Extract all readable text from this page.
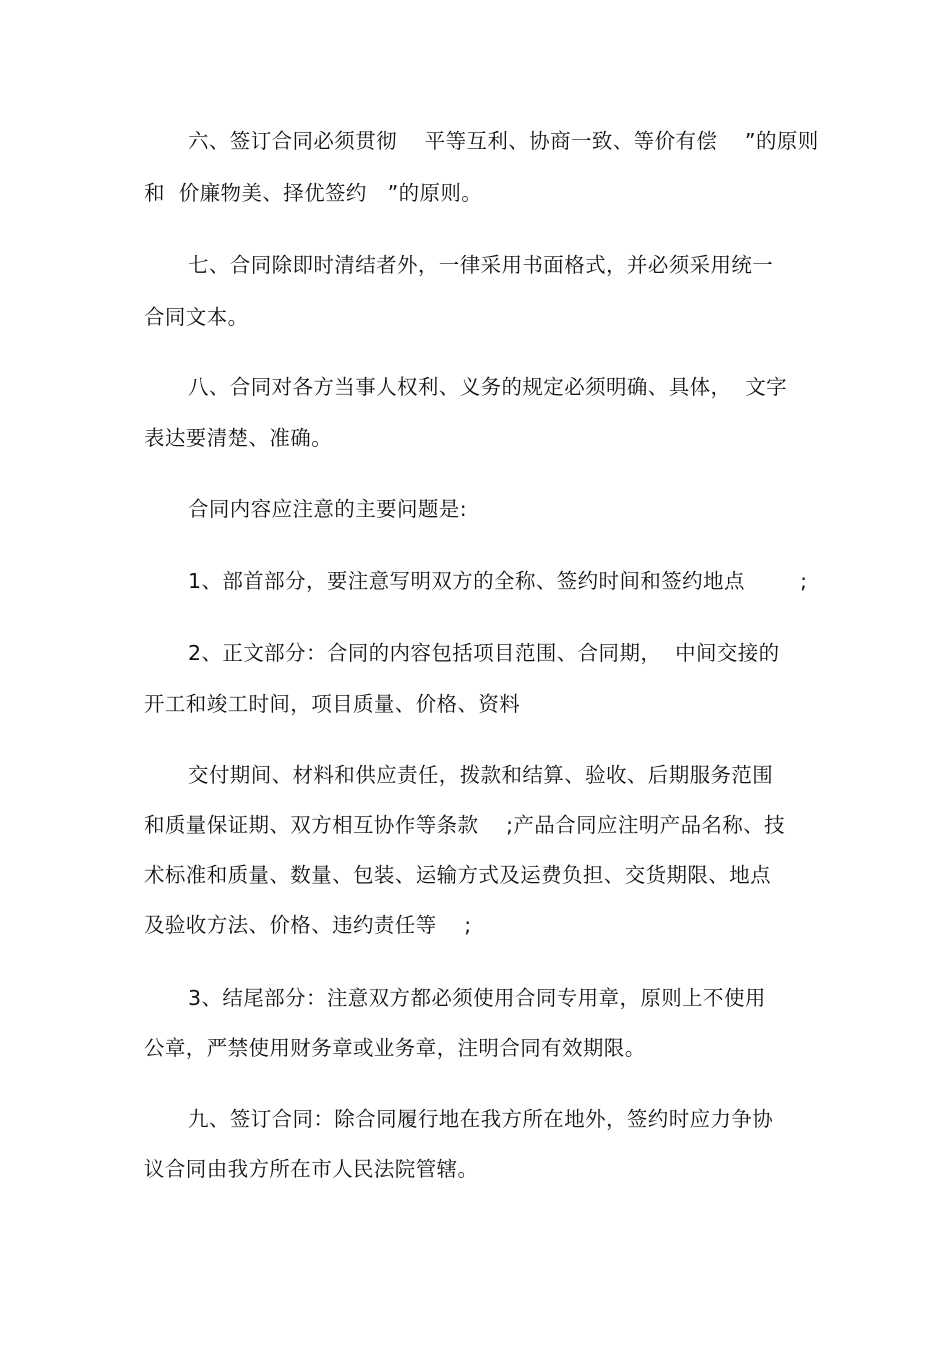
六、签订合同必须贯彻    平等互利、协商一致、等价有偿    ”的原则
和  价廉物美、择优签约   ”的原则。
七、合同除即时清结者外，一律采用书面格式，并必须采用统一
合同文本。
八、合同对各方当事人权利、义务的规定必须明确、具体，  文字
表达要清楚、准确。
合同内容应注意的主要问题是:
1、部首部分，要注意写明双方的全称、签约时间和签约地点        ;
2、正文部分：合同的内容包括项目范围、合同期，  中间交接的
开工和竣工时间，项目质量、价格、资料
交付期间、材料和供应责任，拨款和结算、验收、后期服务范围
和质量保证期、双方相互协作等条款    ;产品合同应注明产品名称、技
术标准和质量、数量、包装、运输方式及运费负担、交货期限、地点
及验收方法、价格、违约责任等    ;
3、结尾部分：注意双方都必须使用合同专用章，原则上不使用
公章，严禁使用财务章或业务章，注明合同有效期限。
九、签订合同：除合同履行地在我方所在地外，签约时应力争协
议合同由我方所在市人民法院管辖。
